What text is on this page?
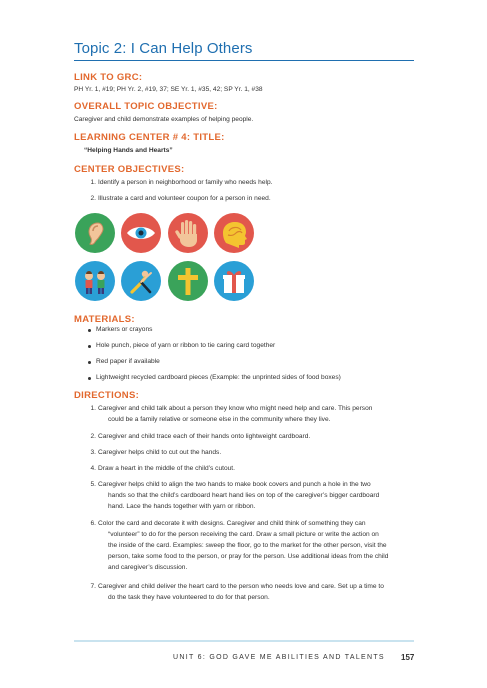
Topic 2: I Can Help Others
LINK TO GRC:
PH Yr. 1, #19; PH Yr. 2, #19, 37; SE Yr. 1, #35, 42; SP Yr. 1, #38
OVERALL TOPIC OBJECTIVE:
Caregiver and child demonstrate examples of helping people.
LEARNING CENTER # 4: TITLE:
“Helping Hands and Hearts”
CENTER OBJECTIVES:
1. Identify a person in neighborhood or family who needs help.
2. Illustrate a card and volunteer coupon for a person in need.
MATERIALS:
Markers or crayons
Hole punch, piece of yarn or ribbon to tie caring card together
Red paper if available
Lightweight recycled cardboard pieces (Example: the unprinted sides of food boxes)
DIRECTIONS:
1. Caregiver and child talk about a person they know who might need help and care. This person
could be a family relative or someone else in the community where they live.
2. Caregiver and child trace each of their hands onto lightweight cardboard.
3. Caregiver helps child to cut out the hands.
4. Draw a heart in the middle of the child’s cutout.
5. Caregiver helps child to align the two hands to make book covers and punch a hole in the two
hands so that the child’s cardboard heart hand lies on top of the caregiver’s bigger cardboard
hand. Lace the hands together with yarn or ribbon.
6. Color the card and decorate it with designs. Caregiver and child think of something they can
“volunteer” to do for the person receiving the card. Draw a small picture or write the action on
the inside of the card. Examples: sweep the floor, go to the market for the other person, visit the
person, take some food to the person, or pray for the person. Use additional ideas from the child
and caregiver’s discussion.
7. Caregiver and child deliver the heart card to the person who needs love and care. Set up a time to
do the task they have volunteered to do for that person.
UNIT 6: GOD GAVE ME ABILITIES AND TALENTS 157
